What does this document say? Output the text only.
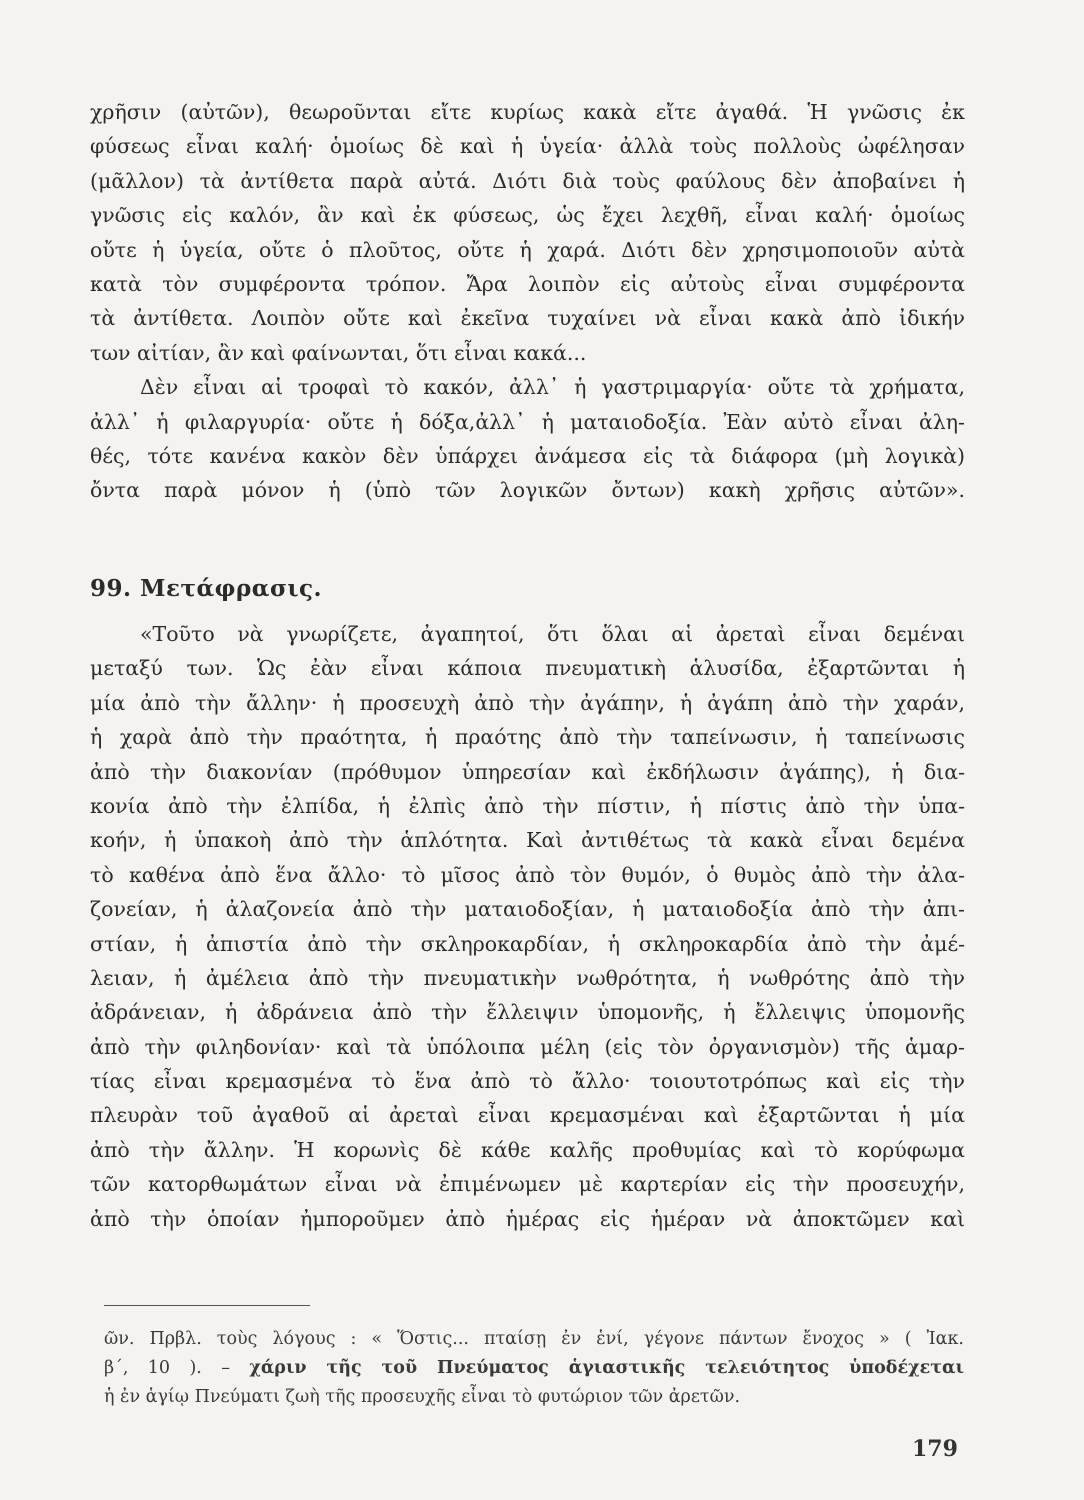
χρῆσιν (αὐτῶν), θεωροῦνται εἴτε κυρίως κακὰ εἴτε ἀγαθά. Ἡ γνῶσις ἐκ
φύσεως εἶναι καλή· ὁμοίως δὲ καὶ ἡ ὑγεία· ἀλλὰ τοὺς πολλοὺς ὠφέλησαν
(μᾶλλον) τὰ ἀντίθετα παρὰ αὐτά. Διότι διὰ τοὺς φαύλους δὲν ἀποβαίνει ἡ
γνῶσις εἰς καλόν, ἂν καὶ ἐκ φύσεως, ὡς ἔχει λεχθῆ, εἶναι καλή· ὁμοίως
οὔτε ἡ ὑγεία, οὔτε ὁ πλοῦτος, οὔτε ἡ χαρά. Διότι δὲν χρησιμοποιοῦν αὐτὰ
κατὰ τὸν συμφέροντα τρόπον. Ἄρα λοιπὸν εἰς αὐτοὺς εἶναι συμφέροντα
τὰ ἀντίθετα. Λοιπὸν οὔτε καὶ ἐκεῖνα τυχαίνει νὰ εἶναι κακὰ ἀπὸ ἰδικήν
των αἰτίαν, ἂν καὶ φαίνωνται, ὅτι εἶναι κακά...
Δὲν εἶναι αἱ τροφαὶ τὸ κακόν, ἀλλ᾽ ἡ γαστριμαργία· οὔτε τὰ χρήματα,
ἀλλ᾽ ἡ φιλαργυρία· οὔτε ἡ δόξα,ἀλλ᾽ ἡ ματαιοδοξία. Ἐὰν αὐτὸ εἶναι ἀλη-
θές, τότε κανένα κακὸν δὲν ὑπάρχει ἀνάμεσα εἰς τὰ διάφορα (μὴ λογικὰ)
ὄντα παρὰ μόνον ἡ (ὑπὸ τῶν λογικῶν ὄντων) κακὴ χρῆσις αὐτῶν».
99. Μετάφρασις.
«Τοῦτο νὰ γνωρίζετε, ἀγαπητοί, ὅτι ὅλαι αἱ ἀρεταὶ εἶναι δεμέναι
μεταξύ των. Ὡς ἐὰν εἶναι κάποια πνευματικὴ ἁλυσίδα, ἐξαρτῶνται ἡ
μία ἀπὸ τὴν ἄλλην· ἡ προσευχὴ ἀπὸ τὴν ἀγάπην, ἡ ἀγάπη ἀπὸ τὴν χαράν,
ἡ χαρὰ ἀπὸ τὴν πραότητα, ἡ πραότης ἀπὸ τὴν ταπείνωσιν, ἡ ταπείνωσις
ἀπὸ τὴν διακονίαν (πρόθυμον ὑπηρεσίαν καὶ ἐκδήλωσιν ἀγάπης), ἡ δια-
κονία ἀπὸ τὴν ἐλπίδα, ἡ ἐλπὶς ἀπὸ τὴν πίστιν, ἡ πίστις ἀπὸ τὴν ὑπα-
κοήν, ἡ ὑπακοὴ ἀπὸ τὴν ἁπλότητα. Καὶ ἀντιθέτως τὰ κακὰ εἶναι δεμένα
τὸ καθένα ἀπὸ ἕνα ἄλλο· τὸ μῖσος ἀπὸ τὸν θυμόν, ὁ θυμὸς ἀπὸ τὴν ἀλα-
ζονείαν, ἡ ἀλαζονεία ἀπὸ τὴν ματαιοδοξίαν, ἡ ματαιοδοξία ἀπὸ τὴν ἀπι-
στίαν, ἡ ἀπιστία ἀπὸ τὴν σκληροκαρδίαν, ἡ σκληροκαρδία ἀπὸ τὴν ἀμέ-
λειαν, ἡ ἀμέλεια ἀπὸ τὴν πνευματικὴν νωθρότητα, ἡ νωθρότης ἀπὸ τὴν
ἀδράνειαν, ἡ ἀδράνεια ἀπὸ τὴν ἔλλειψιν ὑπομονῆς, ἡ ἔλλειψις ὑπομονῆς
ἀπὸ τὴν φιληδονίαν· καὶ τὰ ὑπόλοιπα μέλη (εἰς τὸν ὀργανισμὸν) τῆς ἁμαρ-
τίας εἶναι κρεμασμένα τὸ ἕνα ἀπὸ τὸ ἄλλο· τοιουτοτρόπως καὶ εἰς τὴν
πλευρὰν τοῦ ἀγαθοῦ αἱ ἀρεταὶ εἶναι κρεμασμέναι καὶ ἐξαρτῶνται ἡ μία
ἀπὸ τὴν ἄλλην. Ἡ κορωνὶς δὲ κάθε καλῆς προθυμίας καὶ τὸ κορύφωμα
τῶν κατορθωμάτων εἶναι νὰ ἐπιμένωμεν μὲ καρτερίαν εἰς τὴν προσευχήν,
ἀπὸ τὴν ὁποίαν ἠμποροῦμεν ἀπὸ ἡμέρας εἰς ἡμέραν νὰ ἀποκτῶμεν καὶ
ῶν. Πρβλ. τοὺς λόγους : « Ὅστις... πταίσῃ ἐν ἑνί, γέγονε πάντων ἔνοχος » ( Ἰακ.
β΄, 10 ). – χάριν τῆς τοῦ Πνεύματος ἁγιαστικῆς τελειότητος ὑποδέχεται
ἡ ἐν ἁγίῳ Πνεύματι ζωὴ τῆς προσευχῆς εἶναι τὸ φυτώριον τῶν ἀρετῶν.
179
